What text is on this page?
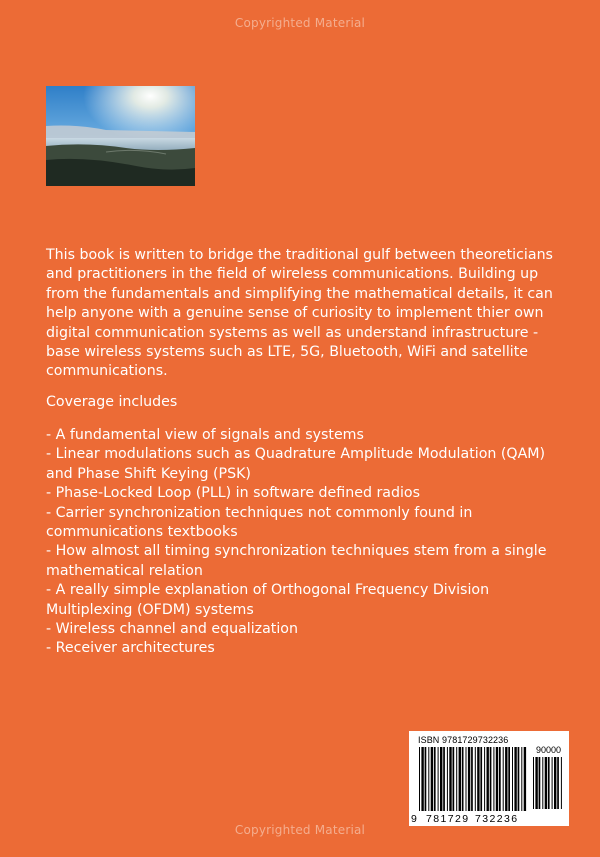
Copyrighted Material

This book is written to bridge the traditional gulf between theoreticians
and practitioners in the field of wireless communications. Building up
from the fundamentals and simplifying the mathematical details, it can
help anyone with a genuine sense of curiosity to implement thier own
digital communication systems as well as understand infrastructure -
base wireless systems such as LTE, 5G, Bluetooth, WiFi and satellite
communications.

Coverage includes

- A fundamental view of signals and systems
- Linear modulations such as Quadrature Amplitude Modulation (QAM)
and Phase Shift Keying (PSK)
- Phase-Locked Loop (PLL) in software defined radios
- Carrier synchronization techniques not commonly found in
communications textbooks
- How almost all timing synchronization techniques stem from a single
mathematical relation
- A really simple explanation of Orthogonal Frequency Division
Multiplexing (OFDM) systems
- Wireless channel and equalization
- Receiver architectures
ISBN 9781729732236
90000
9 781729 732236
Copyrighted Material
